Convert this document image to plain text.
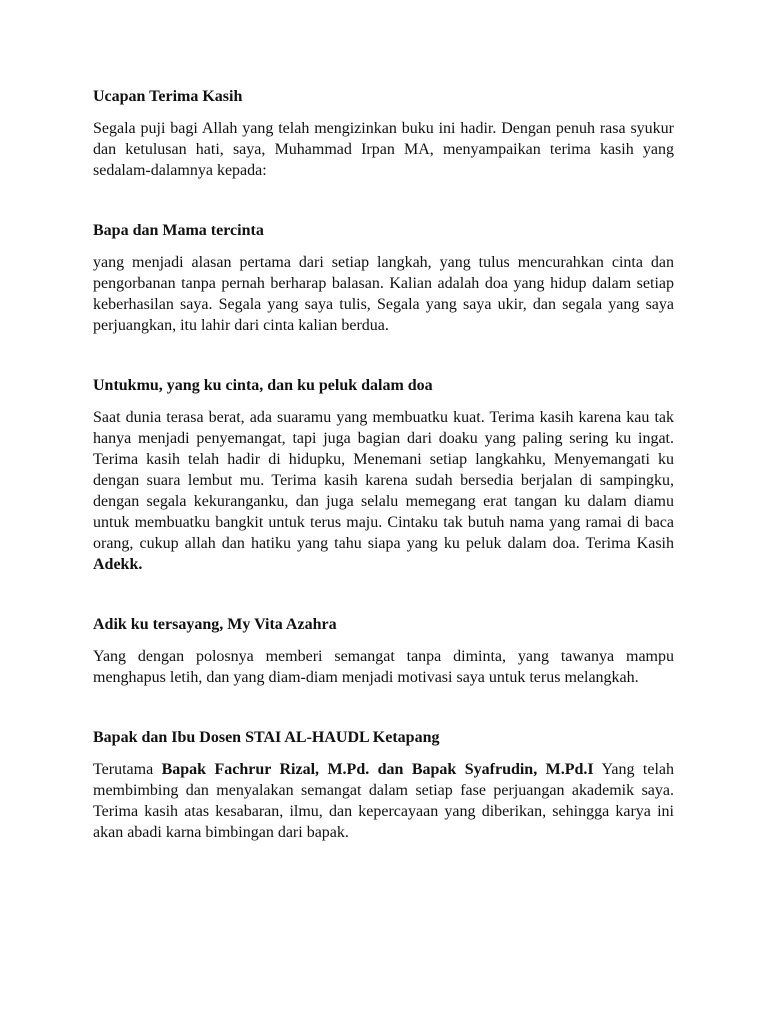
Ucapan Terima Kasih

Segala puji bagi Allah yang telah mengizinkan buku ini hadir. Dengan penuh rasa syukur dan ketulusan hati, saya, Muhammad Irpan MA, menyampaikan terima kasih yang sedalam-dalamnya kepada:

Bapa dan Mama tercinta

yang menjadi alasan pertama dari setiap langkah, yang tulus mencurahkan cinta dan pengorbanan tanpa pernah berharap balasan. Kalian adalah doa yang hidup dalam setiap keberhasilan saya. Segala yang saya tulis, Segala yang saya ukir, dan segala yang saya perjuangkan, itu lahir dari cinta kalian berdua.

Untukmu, yang ku cinta, dan ku peluk dalam doa

Saat dunia terasa berat, ada suaramu yang membuatku kuat. Terima kasih karena kau tak hanya menjadi penyemangat, tapi juga bagian dari doaku yang paling sering ku ingat. Terima kasih telah hadir di hidupku, Menemani setiap langkahku, Menyemangati ku dengan suara lembut mu. Terima kasih karena sudah bersedia berjalan di sampingku, dengan segala kekuranganku, dan juga selalu memegang erat tangan ku dalam diamu untuk membuatku bangkit untuk terus maju. Cintaku tak butuh nama yang ramai di baca orang, cukup allah dan hatiku yang tahu siapa yang ku peluk dalam doa. Terima Kasih Adekk.

Adik ku tersayang, My Vita Azahra

Yang dengan polosnya memberi semangat tanpa diminta, yang tawanya mampu menghapus letih, dan yang diam-diam menjadi motivasi saya untuk terus melangkah.

Bapak dan Ibu Dosen STAI AL-HAUDL Ketapang

Terutama Bapak Fachrur Rizal, M.Pd. dan Bapak Syafrudin, M.Pd.I Yang telah membimbing dan menyalakan semangat dalam setiap fase perjuangan akademik saya. Terima kasih atas kesabaran, ilmu, dan kepercayaan yang diberikan, sehingga karya ini akan abadi karna bimbingan dari bapak.
